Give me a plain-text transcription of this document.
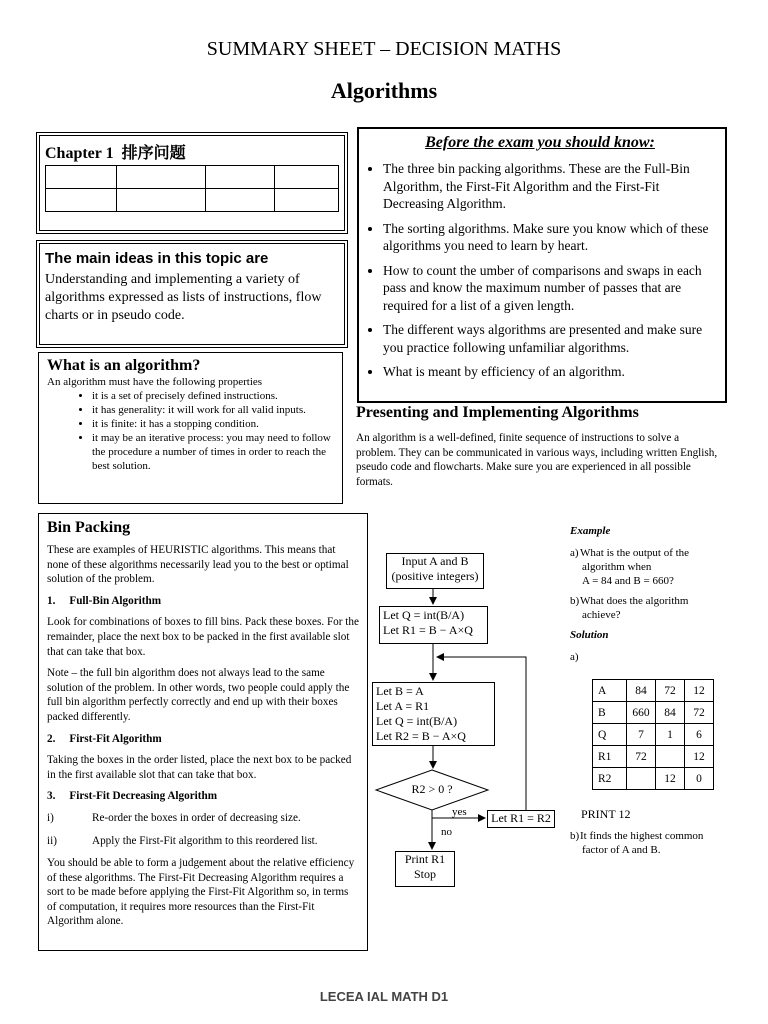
SUMMARY SHEET – DECISION MATHS
Algorithms
Chapter 1 排序问题

The main ideas in this topic are
Understanding and implementing a variety of algorithms expressed as lists of instructions, flow charts or in pseudo code.
What is an algorithm?
An algorithm must have the following properties
• it is a set of precisely defined instructions.
• it has generality: it will work for all valid inputs.
• it is finite: it has a stopping condition.
• it may be an iterative process: you may need to follow the procedure a number of times in order to reach the best solution.
Before the exam you should know:
• The three bin packing algorithms. These are the Full-Bin Algorithm, the First-Fit Algorithm and the First-Fit Decreasing Algorithm.
• The sorting algorithms. Make sure you know which of these algorithms you need to learn by heart.
• How to count the umber of comparisons and swaps in each pass and know the maximum number of passes that are required for a list of a given length.
• The different ways algorithms are presented and make sure you practice following unfamiliar algorithms.
• What is meant by efficiency of an algorithm.
Presenting and Implementing Algorithms
An algorithm is a well-defined, finite sequence of instructions to solve a problem. They can be communicated in various ways, including written English, pseudo code and flowcharts. Make sure you are experienced in all possible formats.
Bin Packing
These are examples of HEURISTIC algorithms. This means that none of these algorithms necessarily lead you to the best or optimal solution of the problem.
1.     Full-Bin Algorithm
Look for combinations of boxes to fill bins. Pack these boxes. For the remainder, place the next box to be packed in the first available slot that can take that box.
Note – the full bin algorithm does not always lead to the same solution of the problem. In other words, two people could apply the full bin algorithm perfectly correctly and end up with their boxes packed differently.
2.     First-Fit Algorithm
Taking the boxes in the order listed, place the next box to be packed in the first available slot that can take that box.
3.     First-Fit Decreasing Algorithm
i)	Re-order the boxes in order of decreasing size.
ii)	Apply the First-Fit algorithm to this reordered list.
You should be able to form a judgement about the relative efficiency of these algorithms. The First-Fit Decreasing Algorithm requires a sort to be made before applying the First-Fit Algorithm so, in terms of computation, it requires more resources than the First-Fit Algorithm alone.
Input A and B
(positive integers)
Let Q = int(B/A)
Let R1 = B − A×Q
Let B = A
Let A = R1
Let Q = int(B/A)
Let R2 = B − A×Q
R2 > 0 ?
yes
no
Let R1 = R2
Print R1
Stop
Example
a) What is the output of the
algorithm when
A = 84 and B = 660?
b) What does the algorithm
achieve?
Solution
a)
A	84	72	12
B	660	84	72
Q	7	1	6
R1	72		12
R2		12	0
PRINT 12
b) It finds the highest common
factor of A and B.
LECEA IAL MATH D1
